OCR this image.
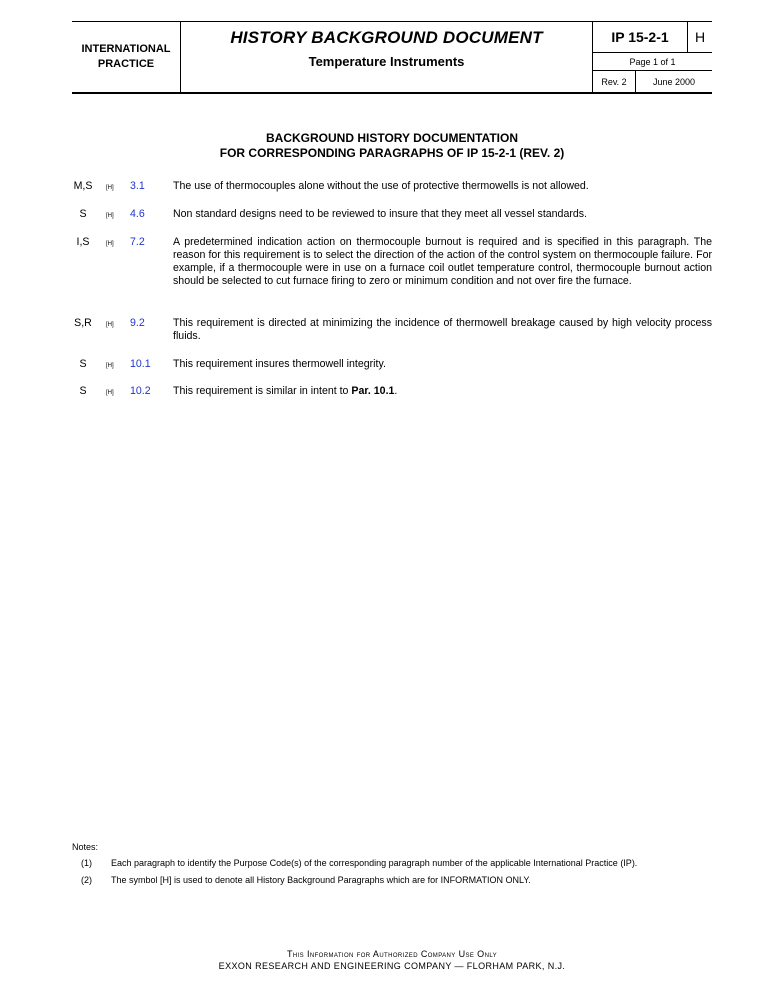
INTERNATIONAL
PRACTICE
HISTORY BACKGROUND DOCUMENT
Temperature Instruments
IP 15-2-1	H
Page 1 of 1
Rev. 2	June 2000
BACKGROUND HISTORY DOCUMENTATION
FOR CORRESPONDING PARAGRAPHS OF IP 15-2-1 (REV. 2)
M,S [H] 3.1	The use of thermocouples alone without the use of protective thermowells is not allowed.
S	[H] 4.6	Non standard designs need to be reviewed to insure that they meet all vessel standards.
I,S	[H] 7.2	A predetermined indication action on thermocouple burnout is required and is specified in this paragraph. The reason for this requirement is to select the direction of the action of the control system on thermocouple failure. For example, if a thermocouple were in use on a furnace coil outlet temperature control, thermocouple burnout action should be selected to cut furnace firing to zero or minimum condition and not over fire the furnace.
S,R	[H] 9.2	This requirement is directed at minimizing the incidence of thermowell breakage caused by high velocity process fluids.
S	[H] 10.1 This requirement insures thermowell integrity.
S	[H] 10.2 This requirement is similar in intent to Par. 10.1.
Notes:
(1) Each paragraph to identify the Purpose Code(s) of the corresponding paragraph number of the applicable International Practice (IP).
(2) The symbol [H] is used to denote all History Background Paragraphs which are for INFORMATION ONLY.
This Information for Authorized Company Use Only
EXXON RESEARCH AND ENGINEERING COMPANY — FLORHAM PARK, N.J.
